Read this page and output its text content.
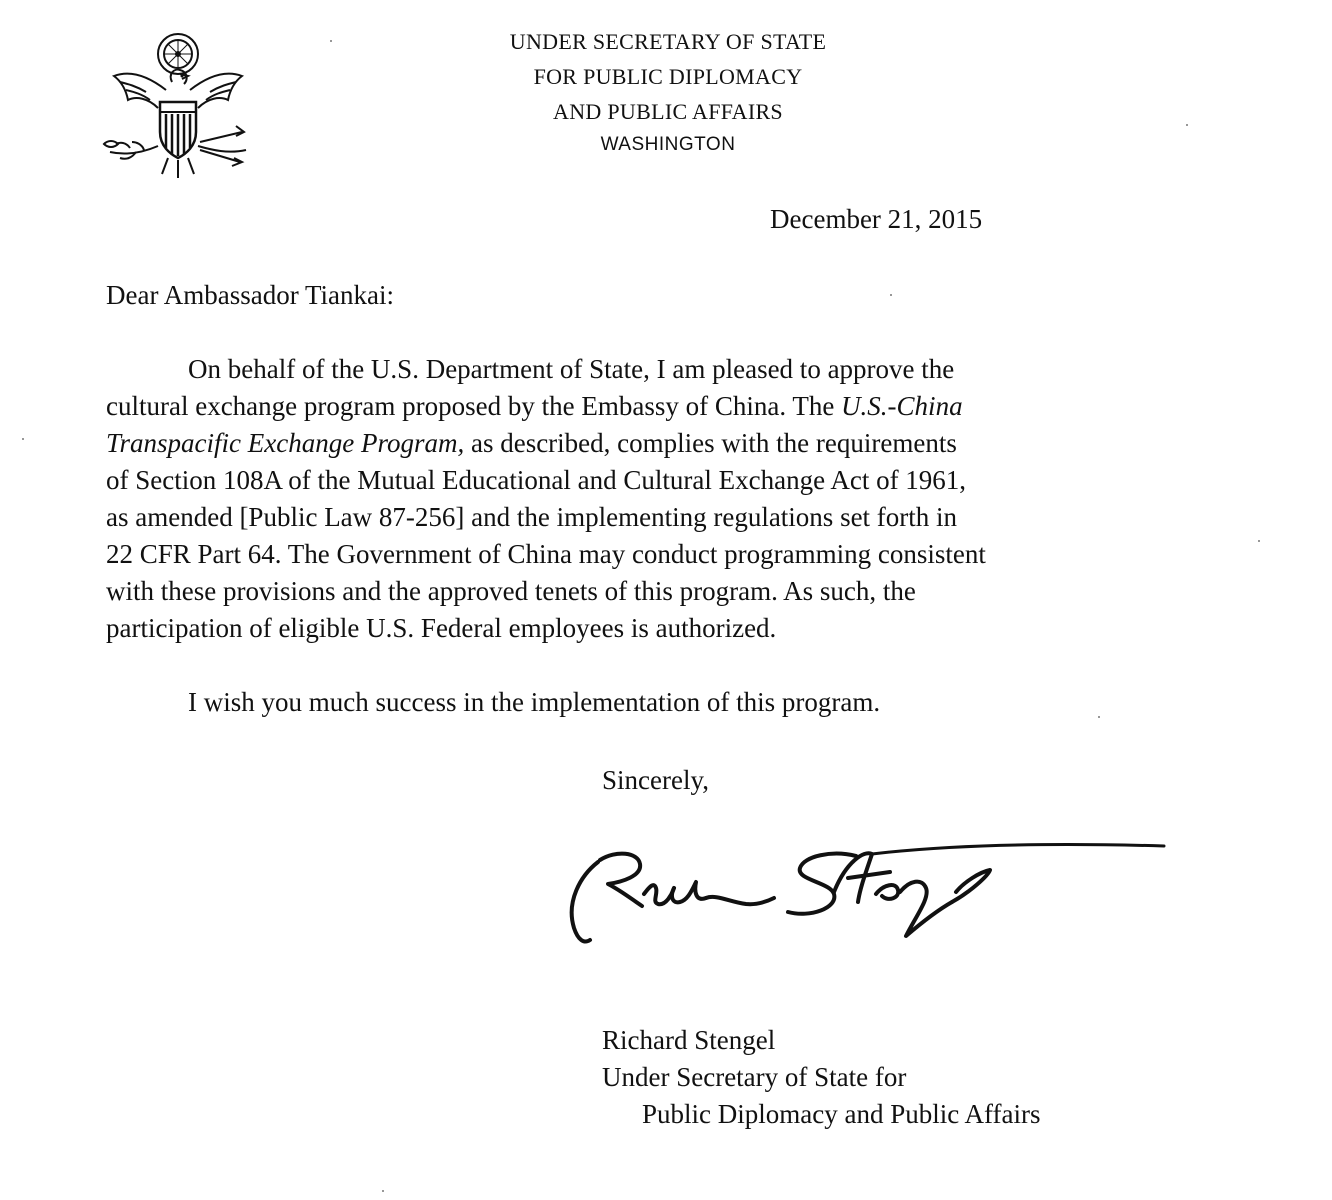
UNDER SECRETARY OF STATE
FOR PUBLIC DIPLOMACY
AND PUBLIC AFFAIRS
WASHINGTON
December 21, 2015
Dear Ambassador Tiankai:
On behalf of the U.S. Department of State, I am pleased to approve the
cultural exchange program proposed by the Embassy of China. The U.S.-China
Transpacific Exchange Program, as described, complies with the requirements
of Section 108A of the Mutual Educational and Cultural Exchange Act of 1961,
as amended [Public Law 87-256] and the implementing regulations set forth in
22 CFR Part 64. The Government of China may conduct programming consistent
with these provisions and the approved tenets of this program. As such, the
participation of eligible U.S. Federal employees is authorized.
I wish you much success in the implementation of this program.
Sincerely,
Richard Stengel
Under Secretary of State for
Public Diplomacy and Public Affairs
